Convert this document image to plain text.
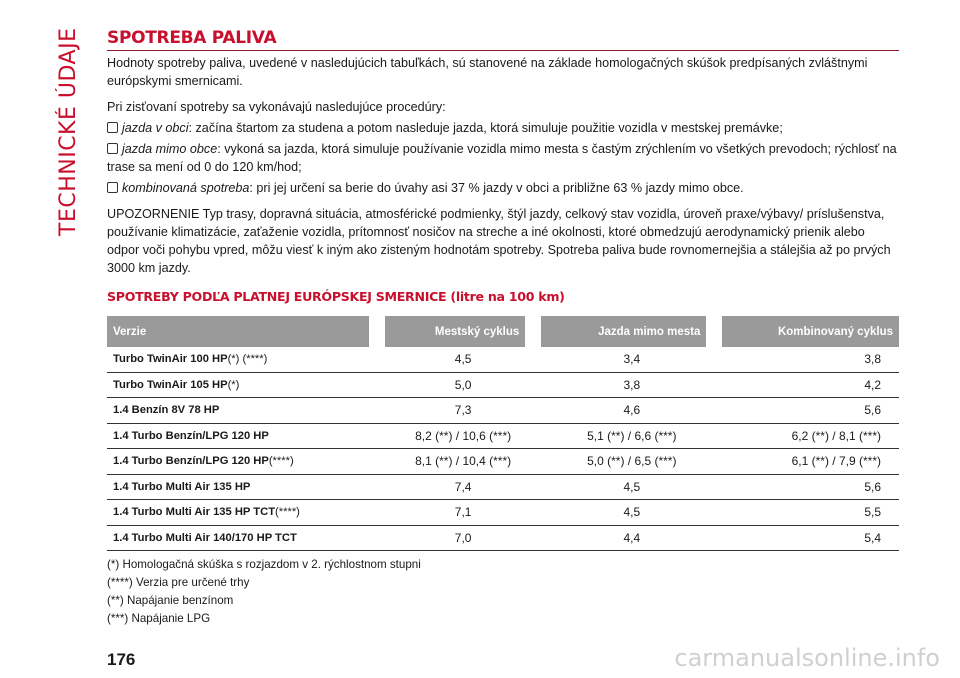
TECHNICKÉ ÚDAJE SPOTREBA PALIVA

Hodnoty spotreby paliva, uvedené v nasledujúcich tabuľkách, sú stanovené na základe homologačných skúšok predpísaných zvláštnymi európskymi smernicami.

Pri zisťovaní spotreby sa vykonávajú nasledujúce procedúry:

jazda v obci: začína štartom za studena a potom nasleduje jazda, ktorá simuluje použitie vozidla v mestskej premávke;

jazda mimo obce: vykoná sa jazda, ktorá simuluje používanie vozidla mimo mesta s častým zrýchlením vo všetkých prevodoch; rýchlosť na trase sa mení od 0 do 120 km/hod;

kombinovaná spotreba: pri jej určení sa berie do úvahy asi 37 % jazdy v obci a približne 63 % jazdy mimo obce.

UPOZORNENIE Typ trasy, dopravná situácia, atmosférické podmienky, štýl jazdy, celkový stav vozidla, úroveň praxe/výbavy/ príslušenstva, používanie klimatizácie, zaťaženie vozidla, prítomnosť nosičov na streche a iné okolnosti, ktoré obmedzujú aerodynamický prienik alebo odpor voči pohybu vpred, môžu viesť k iným ako zisteným hodnotám spotreby. Spotreba paliva bude rovnomernejšia a stálejšia až po prvých 3000 km jazdy.

SPOTREBY PODĽA PLATNEJ EURÓPSKEJ SMERNICE (litre na 100 km)
Verzie	Mestský cyklus	Jazda mimo mesta	Kombinovaný cyklus
Turbo TwinAir 100 HP(*) (****)	4,5	3,4	3,8
Turbo TwinAir 105 HP(*)	5,0	3,8	4,2
1.4 Benzín 8V 78 HP	7,3	4,6	5,6
1.4 Turbo Benzín/LPG 120 HP	8,2 (**) / 10,6 (***)	5,1 (**) / 6,6 (***)	6,2 (**) / 8,1 (***)
1.4 Turbo Benzín/LPG 120 HP(****)	8,1 (**) / 10,4 (***)	5,0 (**) / 6,5 (***)	6,1 (**) / 7,9 (***)
1.4 Turbo Multi Air 135 HP	7,4	4,5	5,6
1.4 Turbo Multi Air 135 HP TCT(****)	7,1	4,5	5,5
1.4 Turbo Multi Air 140/170 HP TCT	7,0	4,4	5,4
(*) Homologačná skúška s rozjazdom v 2. rýchlostnom stupni
(****) Verzia pre určené trhy
(**) Napájanie benzínom
(***) Napájanie LPG
176	carmanualsonline.info
